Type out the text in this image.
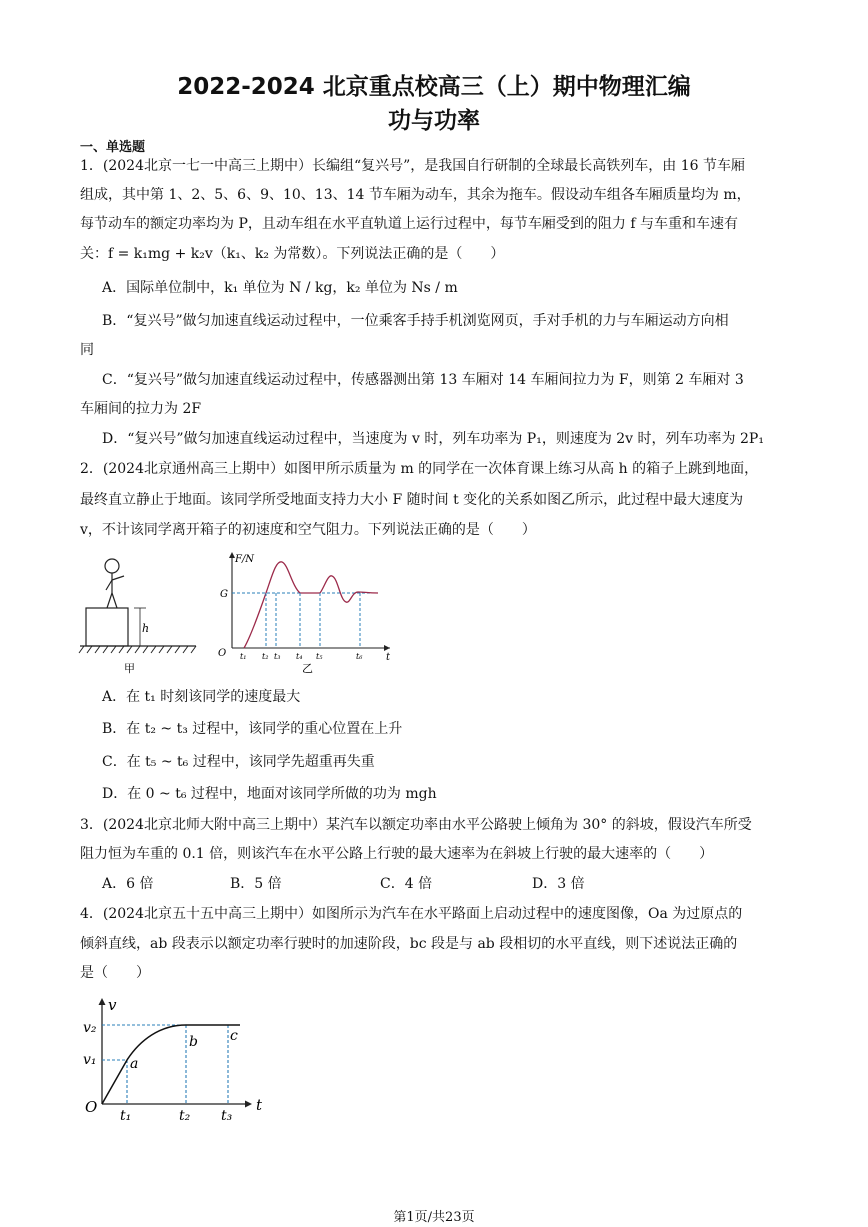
2022-2024 北京重点校高三（上）期中物理汇编
功与功率
一、单选题
1．(2024北京一七一中高三上期中）长编组“复兴号”，是我国自行研制的全球最长高铁列车，由 16 节车厢
组成，其中第 1、2、5、6、9、10、13、14 节车厢为动车，其余为拖车。假设动车组各车厢质量均为 m，
每节动车的额定功率均为 P，且动车组在水平直轨道上运行过程中，每节车厢受到的阻力 f 与车重和车速有
关：f = k₁mg + k₂v（k₁、k₂ 为常数）。下列说法正确的是（　　）
A．国际单位制中，k₁ 单位为 N / kg，k₂ 单位为 Ns / m
B．“复兴号”做匀加速直线运动过程中，一位乘客手持手机浏览网页，手对手机的力与车厢运动方向相
同
C．“复兴号”做匀加速直线运动过程中，传感器测出第 13 车厢对 14 车厢间拉力为 F，则第 2 车厢对 3
车厢间的拉力为 2F
D．“复兴号”做匀加速直线运动过程中，当速度为 v 时，列车功率为 P₁，则速度为 2v 时，列车功率为 2P₁
2．(2024北京通州高三上期中）如图甲所示质量为 m 的同学在一次体育课上练习从高 h 的箱子上跳到地面，
最终直立静止于地面。该同学所受地面支持力大小 F 随时间 t 变化的关系如图乙所示，此过程中最大速度为
v，不计该同学离开箱子的初速度和空气阻力。下列说法正确的是（　　）
h
甲
F/N
G
O	t
t₁ t₂ t₃ t₄ t₅	t₆
乙
A．在 t₁ 时刻该同学的速度最大
B．在 t₂ ~ t₃ 过程中，该同学的重心位置在上升
C．在 t₅ ~ t₆ 过程中，该同学先超重再失重
D．在 0 ~ t₆ 过程中，地面对该同学所做的功为 mgh
3．(2024北京北师大附中高三上期中）某汽车以额定功率由水平公路驶上倾角为 30° 的斜坡，假设汽车所受
阻力恒为车重的 0.1 倍，则该汽车在水平公路上行驶的最大速率为在斜坡上行驶的最大速率的（　　）
A．6 倍	B．5 倍	C．4 倍	D．3 倍
4．(2024北京五十五中高三上期中）如图所示为汽车在水平路面上启动过程中的速度图像，Oa 为过原点的
倾斜直线，ab 段表示以额定功率行驶时的加速阶段，bc 段是与 ab 段相切的水平直线，则下述说法正确的
是（　　）
v
t
O
v₂
v₁ a
b c
t₁	t₂ t₃
第1页/共23页
